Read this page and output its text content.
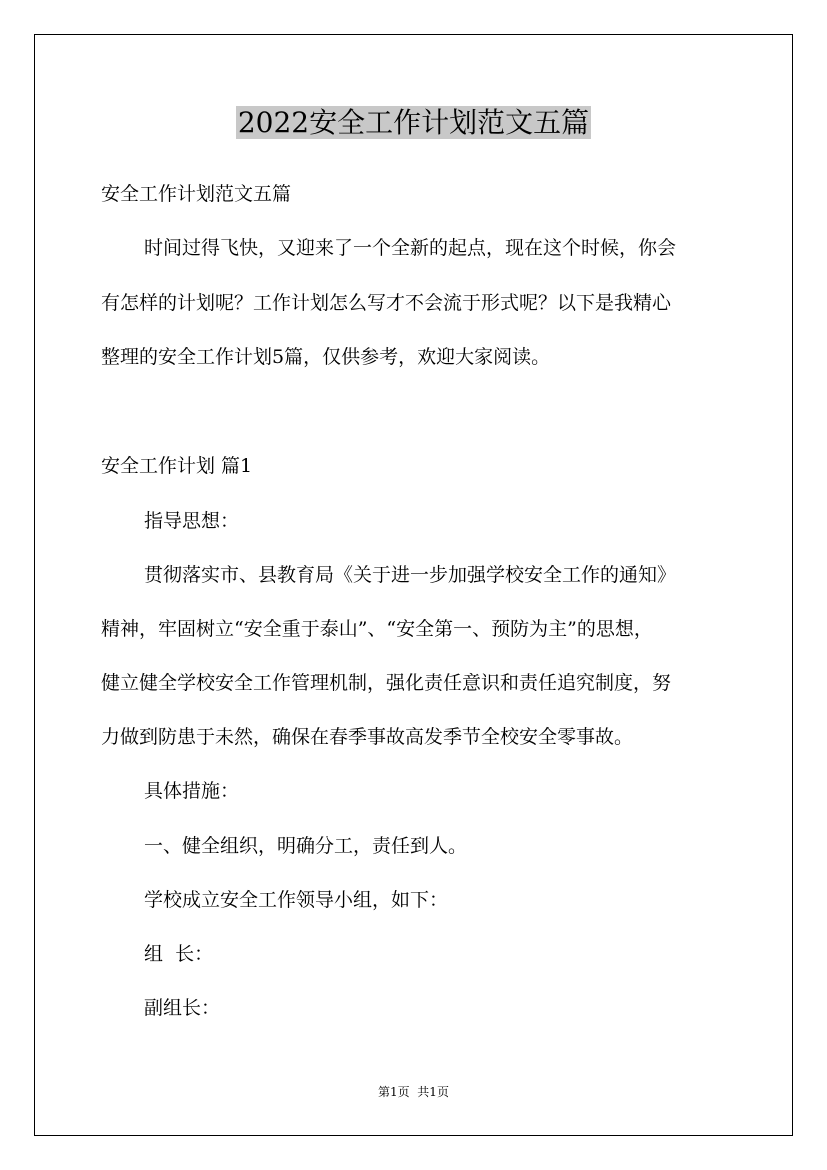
2022安全工作计划范文五篇

安全工作计划范文五篇

时间过得飞快，又迎来了一个全新的起点，现在这个时候，你会

有怎样的计划呢？工作计划怎么写才不会流于形式呢？以下是我精心

整理的安全工作计划5篇，仅供参考，欢迎大家阅读。

安全工作计划 篇1

指导思想：

贯彻落实市、县教育局《关于进一步加强学校安全工作的通知》

精神，牢固树立“安全重于泰山”、“安全第一、预防为主”的思想，

健立健全学校安全工作管理机制，强化责任意识和责任追究制度，努

力做到防患于未然，确保在春季事故高发季节全校安全零事故。

具体措施：

一、健全组织，明确分工，责任到人。

学校成立安全工作领导小组，如下：

组  长：

副组长：

第1页  共1页
